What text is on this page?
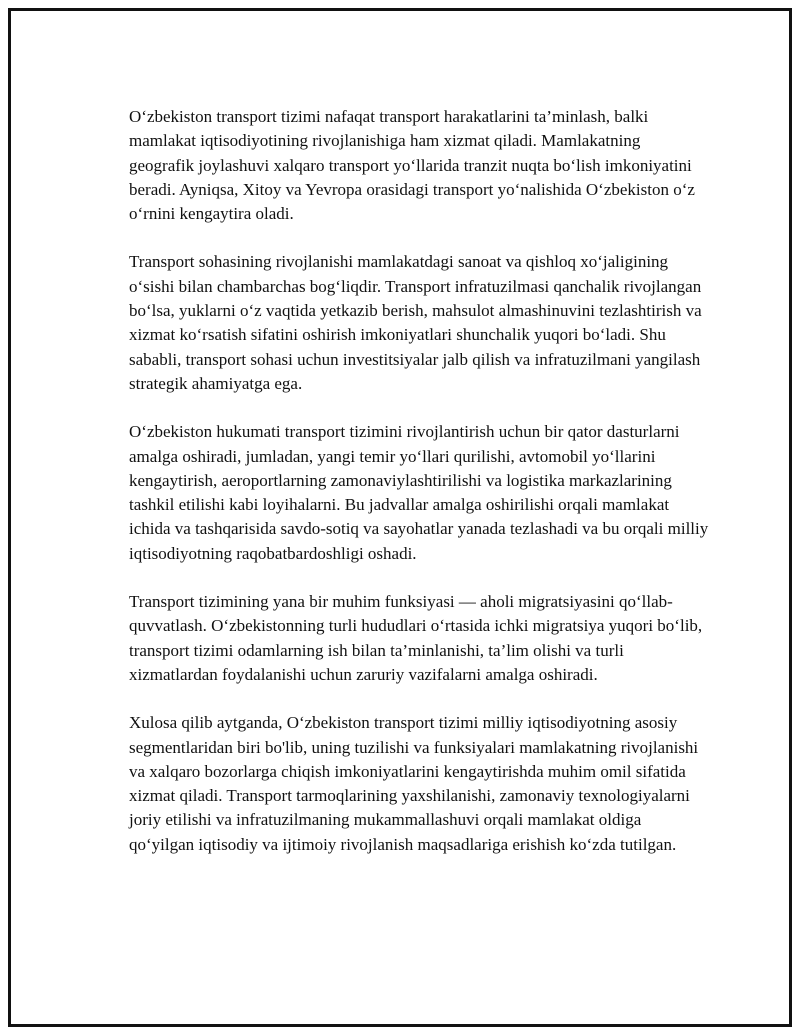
O‘zbekiston transport tizimi nafaqat transport harakatlarini ta’minlash, balki mamlakat iqtisodiyotining rivojlanishiga ham xizmat qiladi. Mamlakatning geografik joylashuvi xalqaro transport yo‘llarida tranzit nuqta bo‘lish imkoniyatini beradi. Ayniqsa, Xitoy va Yevropa orasidagi transport yo‘nalishida O‘zbekiston o‘z o‘rnini kengaytira oladi.

Transport sohasining rivojlanishi mamlakatdagi sanoat va qishloq xo‘jaligining o‘sishi bilan chambarchas bog‘liqdir. Transport infratuzilmasi qanchalik rivojlangan bo‘lsa, yuklarni o‘z vaqtida yetkazib berish, mahsulot almashinuvini tezlashtirish va xizmat ko‘rsatish sifatini oshirish imkoniyatlari shunchalik yuqori bo‘ladi. Shu sababli, transport sohasi uchun investitsiyalar jalb qilish va infratuzilmani yangilash strategik ahamiyatga ega.

O‘zbekiston hukumati transport tizimini rivojlantirish uchun bir qator dasturlarni amalga oshiradi, jumladan, yangi temir yo‘llari qurilishi, avtomobil yo‘llarini kengaytirish, aeroportlarning zamonaviylashtirilishi va logistika markazlarining tashkil etilishi kabi loyihalarni. Bu jadvallar amalga oshirilishi orqali mamlakat ichida va tashqarisida savdo-sotiq va sayohatlar yanada tezlashadi va bu orqali milliy iqtisodiyotning raqobatbardoshligi oshadi.

Transport tizimining yana bir muhim funksiyasi — aholi migratsiyasini qo‘llab-quvvatlash. O‘zbekistonning turli hududlari o‘rtasida ichki migratsiya yuqori bo‘lib, transport tizimi odamlarning ish bilan ta’minlanishi, ta’lim olishi va turli xizmatlardan foydalanishi uchun zaruriy vazifalarni amalga oshiradi.

Xulosa qilib aytganda, O‘zbekiston transport tizimi milliy iqtisodiyotning asosiy segmentlaridan biri bo'lib, uning tuzilishi va funksiyalari mamlakatning rivojlanishi va xalqaro bozorlarga chiqish imkoniyatlarini kengaytirishda muhim omil sifatida xizmat qiladi. Transport tarmoqlarining yaxshilanishi, zamonaviy texnologiyalarni joriy etilishi va infratuzilmaning mukammallashuvi orqali mamlakat oldiga qo‘yilgan iqtisodiy va ijtimoiy rivojlanish maqsadlariga erishish ko‘zda tutilgan.
